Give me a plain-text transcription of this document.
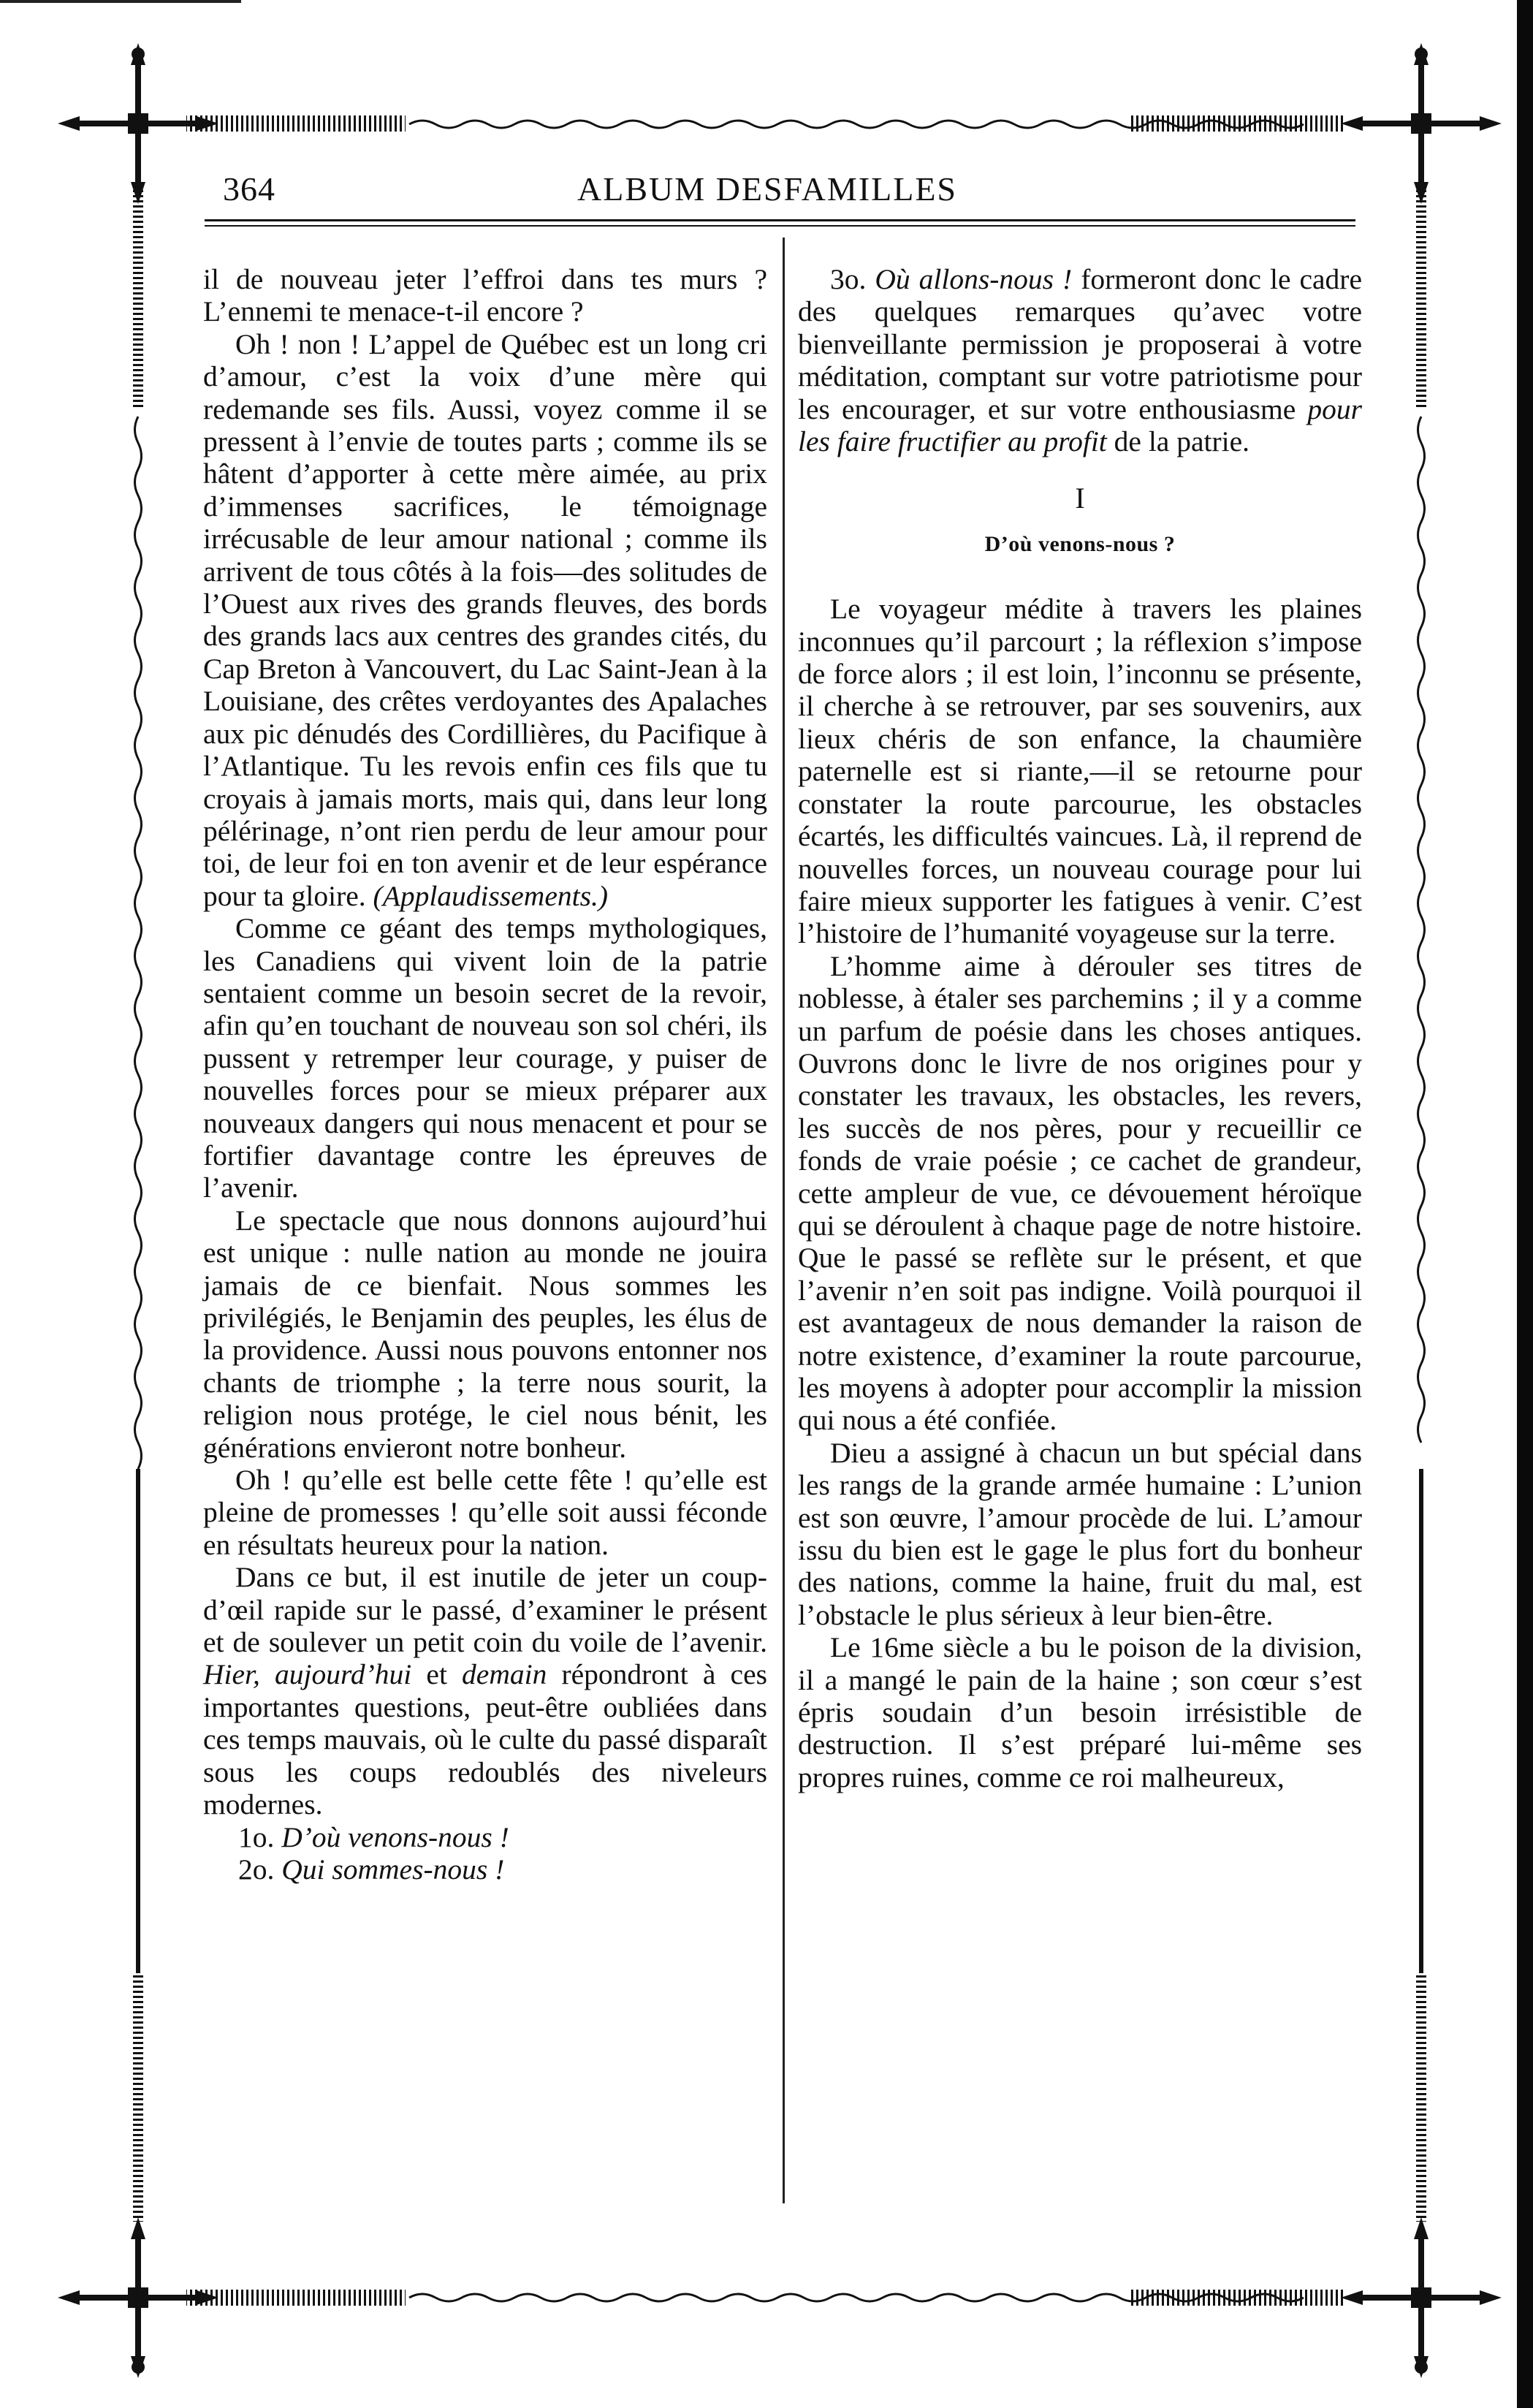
364	ALBUM DESFAMILLES

il de nouveau jeter l’effroi dans tes murs ? L’ennemi te menace-t-il encore ?

Oh ! non ! L’appel de Québec est un long cri d’amour, c’est la voix d’une mère qui redemande ses fils. Aussi, voyez comme il se pressent à l’envie de toutes parts ; comme ils se hâtent d’apporter à cette mère aimée, au prix d’immenses sacrifices, le témoignage irrécusable de leur amour national ; comme ils arrivent de tous côtés à la fois—des solitudes de l’Ouest aux rives des grands fleuves, des bords des grands lacs aux centres des grandes cités, du Cap Breton à Vancouvert, du Lac Saint-Jean à la Louisiane, des crêtes verdoyantes des Apalaches aux pic dénudés des Cordillières, du Pacifique à l’Atlantique. Tu les revois enfin ces fils que tu croyais à jamais morts, mais qui, dans leur long pélérinage, n’ont rien perdu de leur amour pour toi, de leur foi en ton avenir et de leur espérance pour ta gloire. (Applaudissements.)

Comme ce géant des temps mythologiques, les Canadiens qui vivent loin de la patrie sentaient comme un besoin secret de la revoir, afin qu’en touchant de nouveau son sol chéri, ils pussent y retremper leur courage, y puiser de nouvelles forces pour se mieux préparer aux nouveaux dangers qui nous menacent et pour se fortifier davantage contre les épreuves de l’avenir.

Le spectacle que nous donnons aujourd’hui est unique : nulle nation au monde ne jouira jamais de ce bienfait. Nous sommes les privilégiés, le Benjamin des peuples, les élus de la providence. Aussi nous pouvons entonner nos chants de triomphe ; la terre nous sourit, la religion nous protége, le ciel nous bénit, les générations envieront notre bonheur.

Oh ! qu’elle est belle cette fête ! qu’elle est pleine de promesses ! qu’elle soit aussi féconde en résultats heureux pour la nation.

Dans ce but, il est inutile de jeter un coup-d’œil rapide sur le passé, d’examiner le présent et de soulever un petit coin du voile de l’avenir. Hier, aujourd’hui et demain répondront à ces importantes questions, peut-être oubliées dans ces temps mauvais, où le culte du passé disparaît sous les coups redoublés des niveleurs modernes.

1o. D’où venons-nous !

2o. Qui sommes-nous !

3o. Où allons-nous ! formeront donc le cadre des quelques remarques qu’avec votre bienveillante permission je proposerai à votre méditation, comptant sur votre patriotisme pour les encourager, et sur votre enthousiasme pour les faire fructifier au profit de la patrie.

I
D’où venons-nous ?

Le voyageur médite à travers les plaines inconnues qu’il parcourt ; la réflexion s’impose de force alors ; il est loin, l’inconnu se présente, il cherche à se retrouver, par ses souvenirs, aux lieux chéris de son enfance, la chaumière paternelle est si riante,—il se retourne pour constater la route parcourue, les obstacles écartés, les difficultés vaincues. Là, il reprend de nouvelles forces, un nouveau courage pour lui faire mieux supporter les fatigues à venir. C’est l’histoire de l’humanité voyageuse sur la terre.

L’homme aime à dérouler ses titres de noblesse, à étaler ses parchemins ; il y a comme un parfum de poésie dans les choses antiques. Ouvrons donc le livre de nos origines pour y constater les travaux, les obstacles, les revers, les succès de nos pères, pour y recueillir ce fonds de vraie poésie ; ce cachet de grandeur, cette ampleur de vue, ce dévouement héroïque qui se déroulent à chaque page de notre histoire. Que le passé se reflète sur le présent, et que l’avenir n’en soit pas indigne. Voilà pourquoi il est avantageux de nous demander la raison de notre existence, d’examiner la route parcourue, les moyens à adopter pour accomplir la mission qui nous a été confiée.

Dieu a assigné à chacun un but spécial dans les rangs de la grande armée humaine : L’union est son œuvre, l’amour procède de lui. L’amour issu du bien est le gage le plus fort du bonheur des nations, comme la haine, fruit du mal, est l’obstacle le plus sérieux à leur bien-être.

Le 16me siècle a bu le poison de la division, il a mangé le pain de la haine ; son cœur s’est épris soudain d’un besoin irrésistible de destruction. Il s’est préparé lui-même ses propres ruines, comme ce roi malheureux,
